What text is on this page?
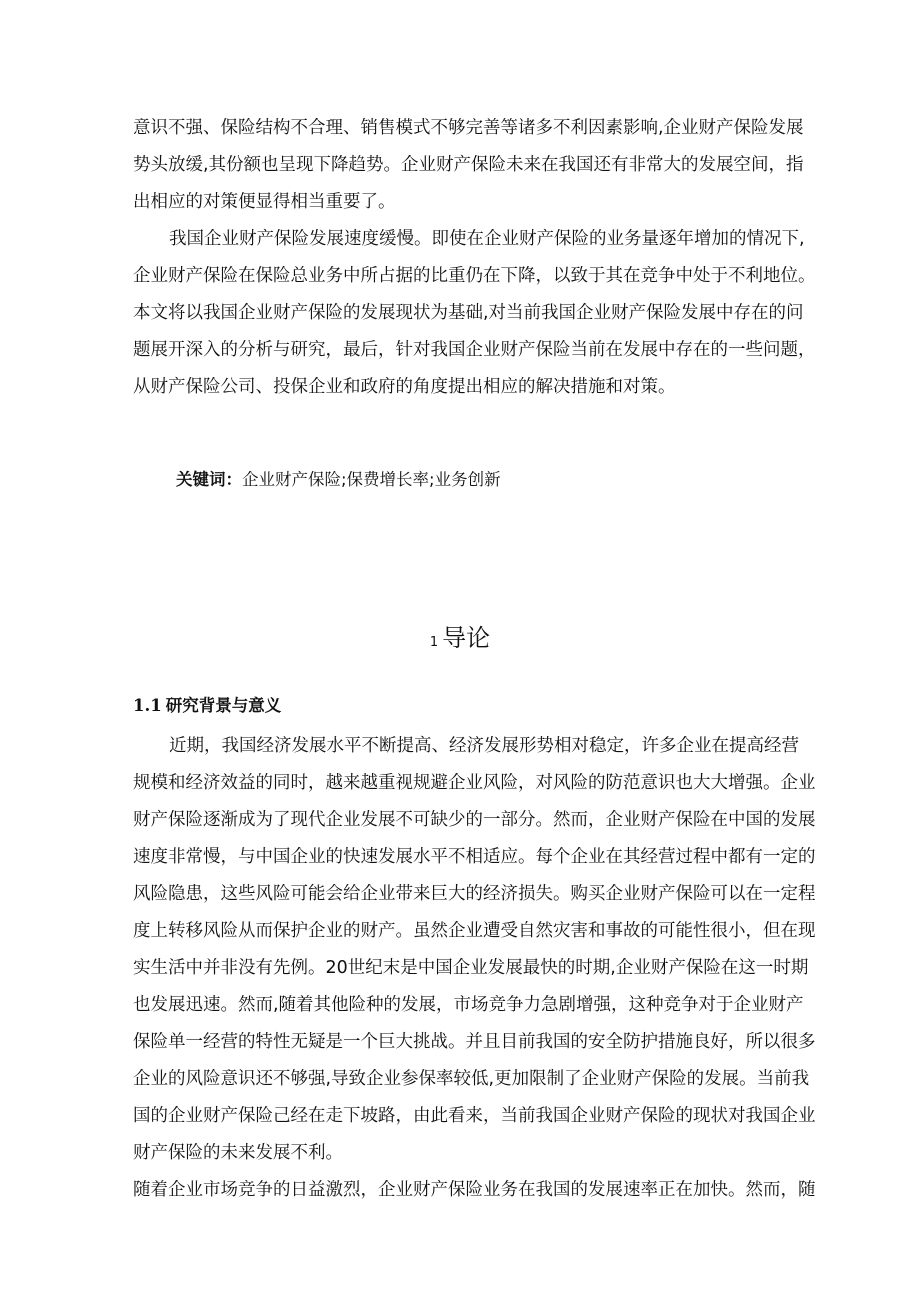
意识不强、保险结构不合理、销售模式不够完善等诸多不利因素影响,企业财产保险发展
势头放缓,其份额也呈现下降趋势。企业财产保险未来在我国还有非常大的发展空间，指
出相应的对策便显得相当重要了。
我国企业财产保险发展速度缓慢。即使在企业财产保险的业务量逐年增加的情况下,
企业财产保险在保险总业务中所占据的比重仍在下降，以致于其在竞争中处于不利地位。
本文将以我国企业财产保险的发展现状为基础,对当前我国企业财产保险发展中存在的问
题展开深入的分析与研究，最后，针对我国企业财产保险当前在发展中存在的一些问题，
从财产保险公司、投保企业和政府的角度提出相应的解决措施和对策。
关键词：企业财产保险;保费增长率;业务创新
1 导论
1.1 研究背景与意义
近期，我国经济发展水平不断提高、经济发展形势相对稳定，许多企业在提高经营
规模和经济效益的同时，越来越重视规避企业风险，对风险的防范意识也大大增强。企业
财产保险逐渐成为了现代企业发展不可缺少的一部分。然而，企业财产保险在中国的发展
速度非常慢，与中国企业的快速发展水平不相适应。每个企业在其经营过程中都有一定的
风险隐患，这些风险可能会给企业带来巨大的经济损失。购买企业财产保险可以在一定程
度上转移风险从而保护企业的财产。虽然企业遭受自然灾害和事故的可能性很小，但在现
实生活中并非没有先例。20世纪末是中国企业发展最快的时期,企业财产保险在这一时期
也发展迅速。然而,随着其他险种的发展，市场竞争力急剧增强，这种竞争对于企业财产
保险单一经营的特性无疑是一个巨大挑战。并且目前我国的安全防护措施良好，所以很多
企业的风险意识还不够强,导致企业参保率较低,更加限制了企业财产保险的发展。当前我
国的企业财产保险己经在走下坡路，由此看来，当前我国企业财产保险的现状对我国企业
财产保险的未来发展不利。
随着企业市场竞争的日益激烈，企业财产保险业务在我国的发展速率正在加快。然而，随
